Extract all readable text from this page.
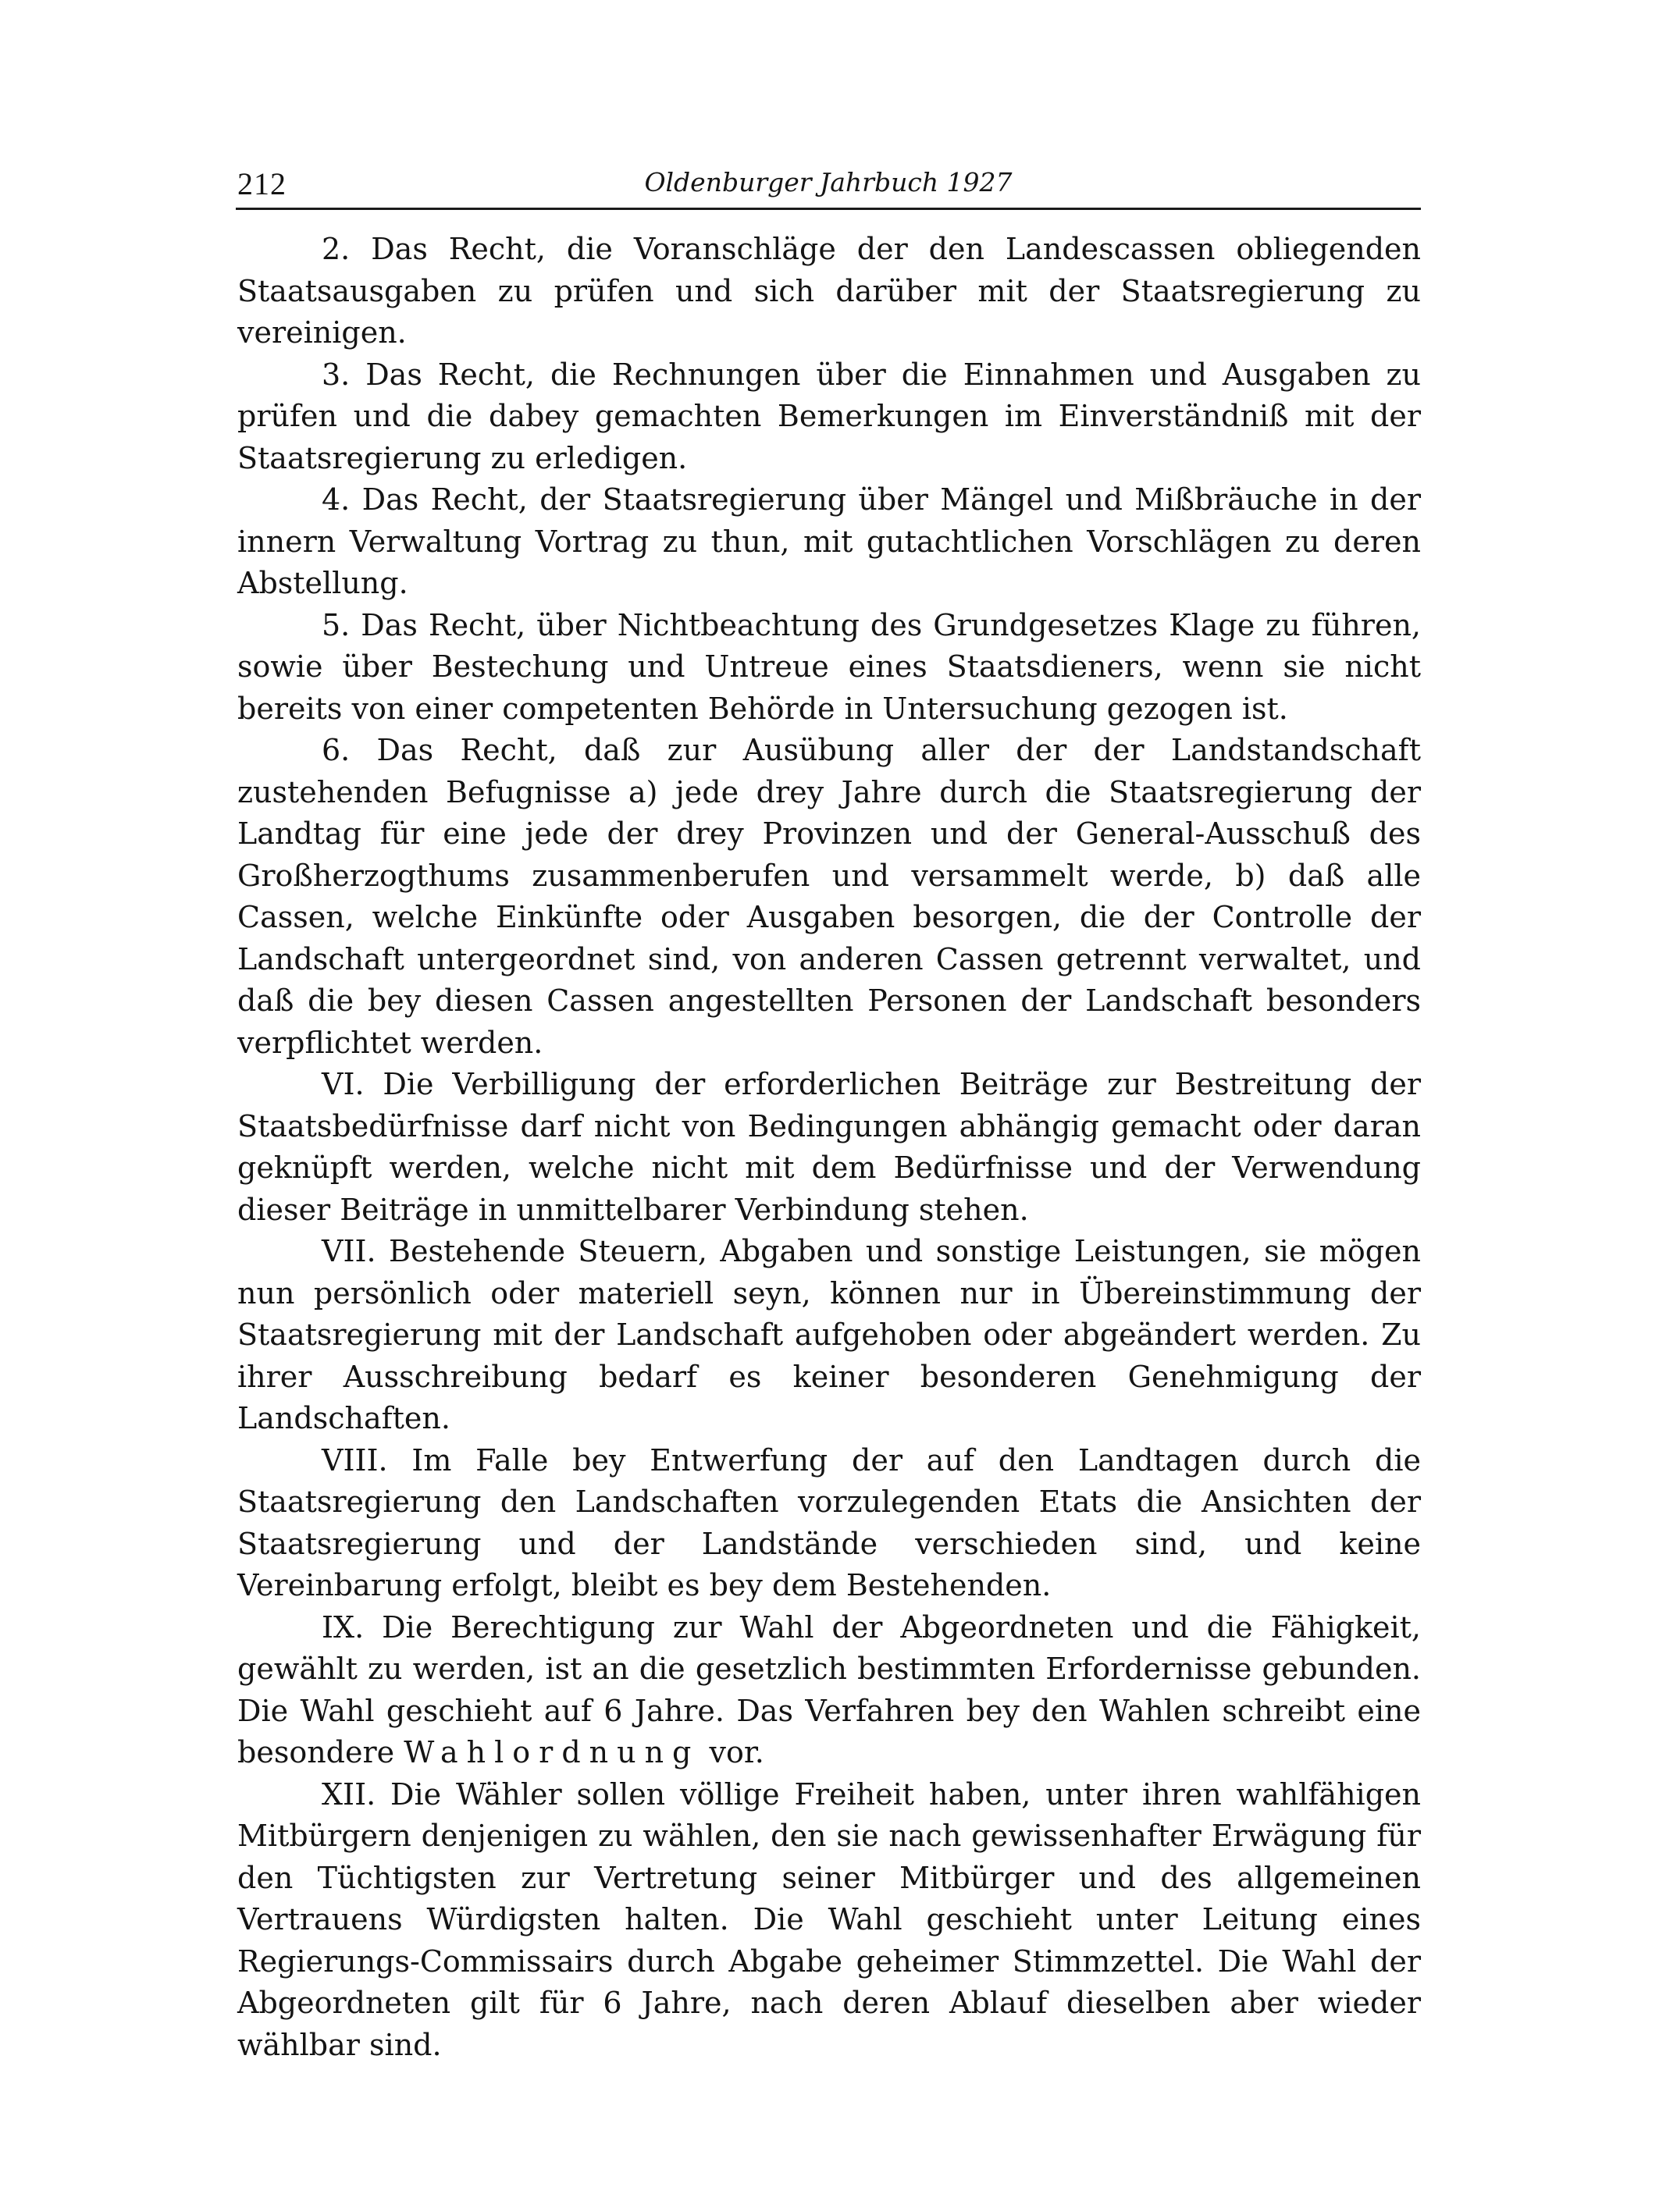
212	Oldenburger Jahrbuch 1927

2. Das Recht, die Voranschläge der den Landescassen obliegenden Staatsausgaben zu prüfen und sich darüber mit der Staatsregierung zu vereinigen.

3. Das Recht, die Rechnungen über die Einnahmen und Ausgaben zu prüfen und die dabey gemachten Bemerkungen im Einverständniß mit der Staatsregierung zu erledigen.

4. Das Recht, der Staatsregierung über Mängel und Mißbräuche in der innern Verwaltung Vortrag zu thun, mit gutachtlichen Vorschlägen zu deren Abstellung.

5. Das Recht, über Nichtbeachtung des Grundgesetzes Klage zu führen, sowie über Bestechung und Untreue eines Staatsdieners, wenn sie nicht bereits von einer competenten Behörde in Untersuchung gezogen ist.

6. Das Recht, daß zur Ausübung aller der der Landstandschaft zustehenden Befugnisse a) jede drey Jahre durch die Staatsregierung der Landtag für eine jede der drey Provinzen und der General-Ausschuß des Großherzogthums zusammenberufen und versammelt werde, b) daß alle Cassen, welche Einkünfte oder Ausgaben besorgen, die der Controlle der Landschaft untergeordnet sind, von anderen Cassen getrennt verwaltet, und daß die bey diesen Cassen angestellten Personen der Landschaft besonders verpflichtet werden.

VI. Die Verbilligung der erforderlichen Beiträge zur Bestreitung der Staatsbedürfnisse darf nicht von Bedingungen abhängig gemacht oder daran geknüpft werden, welche nicht mit dem Bedürfnisse und der Verwendung dieser Beiträge in unmittelbarer Verbindung stehen.

VII. Bestehende Steuern, Abgaben und sonstige Leistungen, sie mögen nun persönlich oder materiell seyn, können nur in Übereinstimmung der Staatsregierung mit der Landschaft aufgehoben oder abgeändert werden. Zu ihrer Ausschreibung bedarf es keiner besonderen Genehmigung der Landschaften.

VIII. Im Falle bey Entwerfung der auf den Landtagen durch die Staatsregierung den Landschaften vorzulegenden Etats die Ansichten der Staatsregierung und der Landstände verschieden sind, und keine Vereinbarung erfolgt, bleibt es bey dem Bestehenden.

IX. Die Berechtigung zur Wahl der Abgeordneten und die Fähigkeit, gewählt zu werden, ist an die gesetzlich bestimmten Erfordernisse gebunden. Die Wahl geschieht auf 6 Jahre. Das Verfahren bey den Wahlen schreibt eine besondere Wahlordnung vor.

XII. Die Wähler sollen völlige Freiheit haben, unter ihren wahlfähigen Mitbürgern denjenigen zu wählen, den sie nach gewissenhafter Erwägung für den Tüchtigsten zur Vertretung seiner Mitbürger und des allgemeinen Vertrauens Würdigsten halten. Die Wahl geschieht unter Leitung eines Regierungs-Commissairs durch Abgabe geheimer Stimmzettel. Die Wahl der Abgeordneten gilt für 6 Jahre, nach deren Ablauf dieselben aber wieder wählbar sind.
